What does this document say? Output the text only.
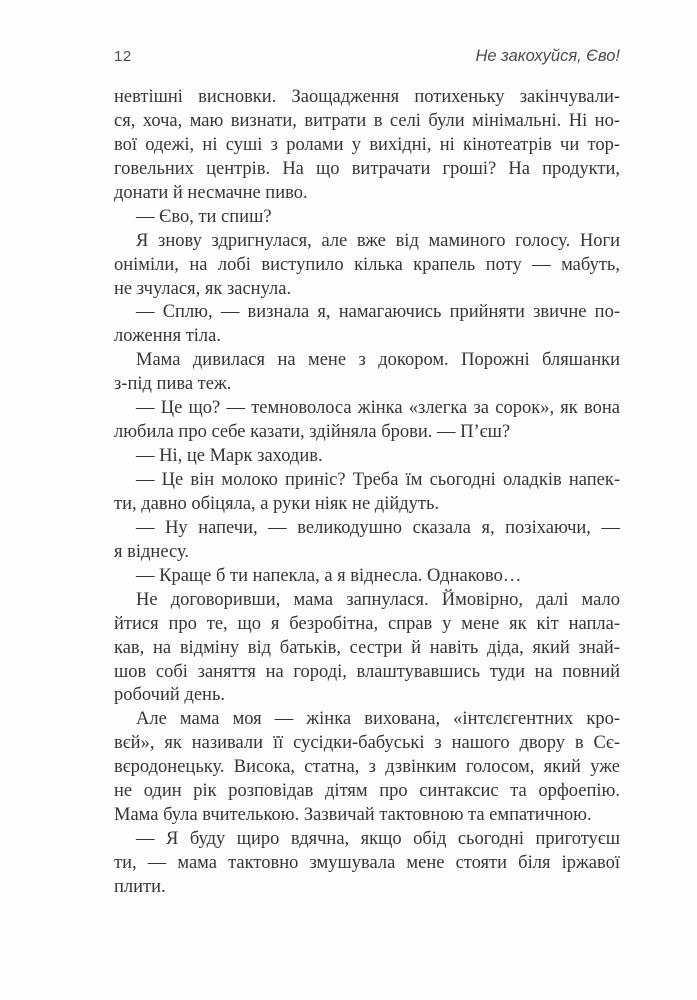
12	Не закохуйся, Єво!
невтішні висновки. Заощадження потихеньку закінчували-
ся, хоча, маю визнати, витрати в селі були мінімальні. Ні но-
вої одежі, ні суші з ролами у вихідні, ні кінотеатрів чи тор-
говельних центрів. На що витрачати гроші? На продукти,
донати й несмачне пиво.
— Єво, ти спиш?
Я знову здригнулася, але вже від маминого голосу. Ноги
оніміли, на лобі виступило кілька крапель поту — мабуть,
не зчулася, як заснула.
— Сплю, — визнала я, намагаючись прийняти звичне по-
ложення тіла.
Мама дивилася на мене з докором. Порожні бляшанки
з-під пива теж.
— Це що? — темноволоса жінка «злегка за сорок», як вона
любила про себе казати, здійняла брови. — П’єш?
— Ні, це Марк заходив.
— Це він молоко приніс? Треба їм сьогодні оладків напек-
ти, давно обіцяла, а руки ніяк не дійдуть.
— Ну напечи, — великодушно сказала я, позіхаючи, —
я віднесу.
— Краще б ти напекла, а я віднесла. Однаково…
Не договоривши, мама запнулася. Ймовірно, далі мало
йтися про те, що я безробітна, справ у мене як кіт напла-
кав, на відміну від батьків, сестри й навіть діда, який знай-
шов собі заняття на городі, влаштувавшись туди на повний
робочий день.
Але мама моя — жінка вихована, «інтєлєгентних кро-
вєй», як називали її сусідки-бабуські з нашого двору в Сє-
вєродонецьку. Висока, статна, з дзвінким голосом, який уже
не один рік розповідав дітям про синтаксис та орфоепію.
Мама була вчителькою. Зазвичай тактовною та емпатичною.
— Я буду щиро вдячна, якщо обід сьогодні приготуєш
ти, — мама тактовно змушувала мене стояти біля іржавої
плити.
